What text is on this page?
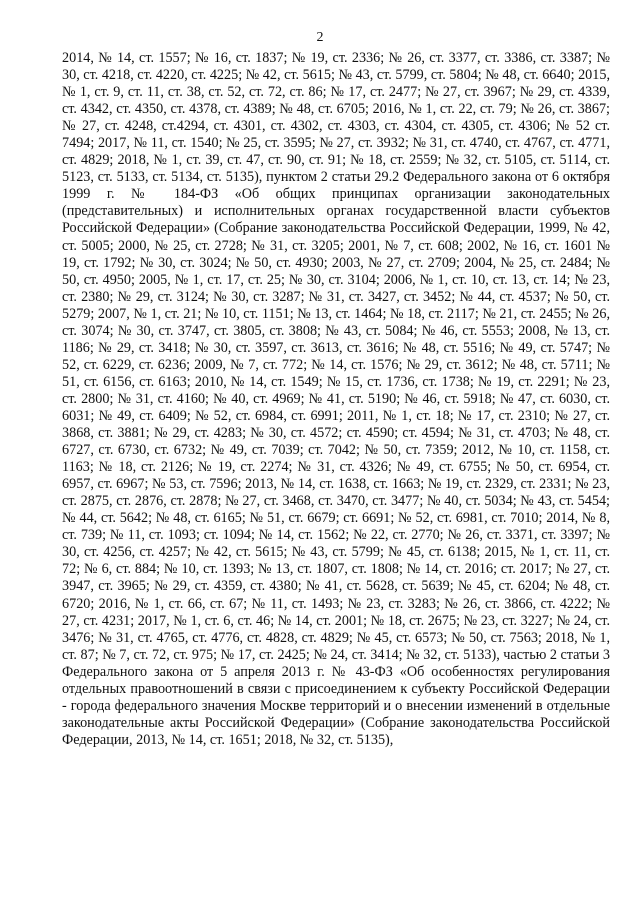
2

2014, № 14, ст. 1557; № 16, ст. 1837; № 19, ст. 2336; № 26, ст. 3377, ст. 3386, ст. 3387; № 30, ст. 4218, ст. 4220, ст. 4225; № 42, ст. 5615; № 43, ст. 5799, ст. 5804; № 48, ст. 6640; 2015, № 1, ст. 9, ст. 11, ст. 38, ст. 52, ст. 72, ст. 86; № 17, ст. 2477; № 27, ст. 3967; № 29, ст. 4339, ст. 4342, ст. 4350, ст. 4378, ст. 4389; № 48, ст. 6705; 2016, № 1, ст. 22, ст. 79; № 26, ст. 3867; № 27, ст. 4248, ст.4294, ст. 4301, ст. 4302, ст. 4303, ст. 4304, ст. 4305, ст. 4306; № 52 ст. 7494; 2017, № 11, ст. 1540; № 25, ст. 3595; № 27, ст. 3932; № 31, ст. 4740, ст. 4767, ст. 4771, ст. 4829; 2018, № 1, ст. 39, ст. 47, ст. 90, ст. 91; № 18, ст. 2559; № 32, ст. 5105, ст. 5114, ст. 5123, ст. 5133, ст. 5134, ст. 5135), пунктом 2 статьи 29.2 Федерального закона от 6 октября 1999 г. № 184-ФЗ «Об общих принципах организации законодательных (представительных) и исполнительных органах государственной власти субъектов Российской Федерации» (Собрание законодательства Российской Федерации, 1999, № 42, ст. 5005; 2000, № 25, ст. 2728; № 31, ст. 3205; 2001, № 7, ст. 608; 2002, № 16, ст. 1601 № 19, ст. 1792; № 30, ст. 3024; № 50, ст. 4930; 2003, № 27, ст. 2709; 2004, № 25, ст. 2484; № 50, ст. 4950; 2005, № 1, ст. 17, ст. 25; № 30, ст. 3104; 2006, № 1, ст. 10, ст. 13, ст. 14; № 23, ст. 2380; № 29, ст. 3124; № 30, ст. 3287; № 31, ст. 3427, ст. 3452; № 44, ст. 4537; № 50, ст. 5279; 2007, № 1, ст. 21; № 10, ст. 1151; № 13, ст. 1464; № 18, ст. 2117; № 21, ст. 2455; № 26, ст. 3074; № 30, ст. 3747, ст. 3805, ст. 3808; № 43, ст. 5084; № 46, ст. 5553; 2008, № 13, ст. 1186; № 29, ст. 3418; № 30, ст. 3597, ст. 3613, ст. 3616; № 48, ст. 5516; № 49, ст. 5747; № 52, ст. 6229, ст. 6236; 2009, № 7, ст. 772; № 14, ст. 1576; № 29, ст. 3612; № 48, ст. 5711; № 51, ст. 6156, ст. 6163; 2010, № 14, ст. 1549; № 15, ст. 1736, ст. 1738; № 19, ст. 2291; № 23, ст. 2800; № 31, ст. 4160; № 40, ст. 4969; № 41, ст. 5190; № 46, ст. 5918; № 47, ст. 6030, ст. 6031; № 49, ст. 6409; № 52, ст. 6984, ст. 6991; 2011, № 1, ст. 18; № 17, ст. 2310; № 27, ст. 3868, ст. 3881; № 29, ст. 4283; № 30, ст. 4572; ст. 4590; ст. 4594; № 31, ст. 4703; № 48, ст. 6727, ст. 6730, ст. 6732; № 49, ст. 7039; ст. 7042; № 50, ст. 7359; 2012, № 10, ст. 1158, ст. 1163; № 18, ст. 2126; № 19, ст. 2274; № 31, ст. 4326; № 49, ст. 6755; № 50, ст. 6954, ст. 6957, ст. 6967; № 53, ст. 7596; 2013, № 14, ст. 1638, ст. 1663; № 19, ст. 2329, ст. 2331; № 23, ст. 2875, ст. 2876, ст. 2878; № 27, ст. 3468, ст. 3470, ст. 3477; № 40, ст. 5034; № 43, ст. 5454; № 44, ст. 5642; № 48, ст. 6165; № 51, ст. 6679; ст. 6691; № 52, ст. 6981, ст. 7010; 2014, № 8, ст. 739; № 11, ст. 1093; ст. 1094; № 14, ст. 1562; № 22, ст. 2770; № 26, ст. 3371, ст. 3397; № 30, ст. 4256, ст. 4257; № 42, ст. 5615; № 43, ст. 5799; № 45, ст. 6138; 2015, № 1, ст. 11, ст. 72; № 6, ст. 884; № 10, ст. 1393; № 13, ст. 1807, ст. 1808; № 14, ст. 2016; ст. 2017; № 27, ст. 3947, ст. 3965; № 29, ст. 4359, ст. 4380; № 41, ст. 5628, ст. 5639; № 45, ст. 6204; № 48, ст. 6720; 2016, № 1, ст. 66, ст. 67; № 11, ст. 1493; № 23, ст. 3283; № 26, ст. 3866, ст. 4222; № 27, ст. 4231; 2017, № 1, ст. 6, ст. 46; № 14, ст. 2001; № 18, ст. 2675; № 23, ст. 3227; № 24, ст. 3476; № 31, ст. 4765, ст. 4776, ст. 4828, ст. 4829; № 45, ст. 6573; № 50, ст. 7563; 2018, № 1, ст. 87; № 7, ст. 72, ст. 975; № 17, ст. 2425; № 24, ст. 3414; № 32, ст. 5133), частью 2 статьи 3 Федерального закона от 5 апреля 2013 г. № 43-ФЗ «Об особенностях регулирования отдельных правоотношений в связи с присоединением к субъекту Российской Федерации - города федерального значения Москве территорий и о внесении изменений в отдельные законодательные акты Российской Федерации» (Собрание законодательства Российской Федерации, 2013, № 14, ст. 1651; 2018, № 32, ст. 5135),
